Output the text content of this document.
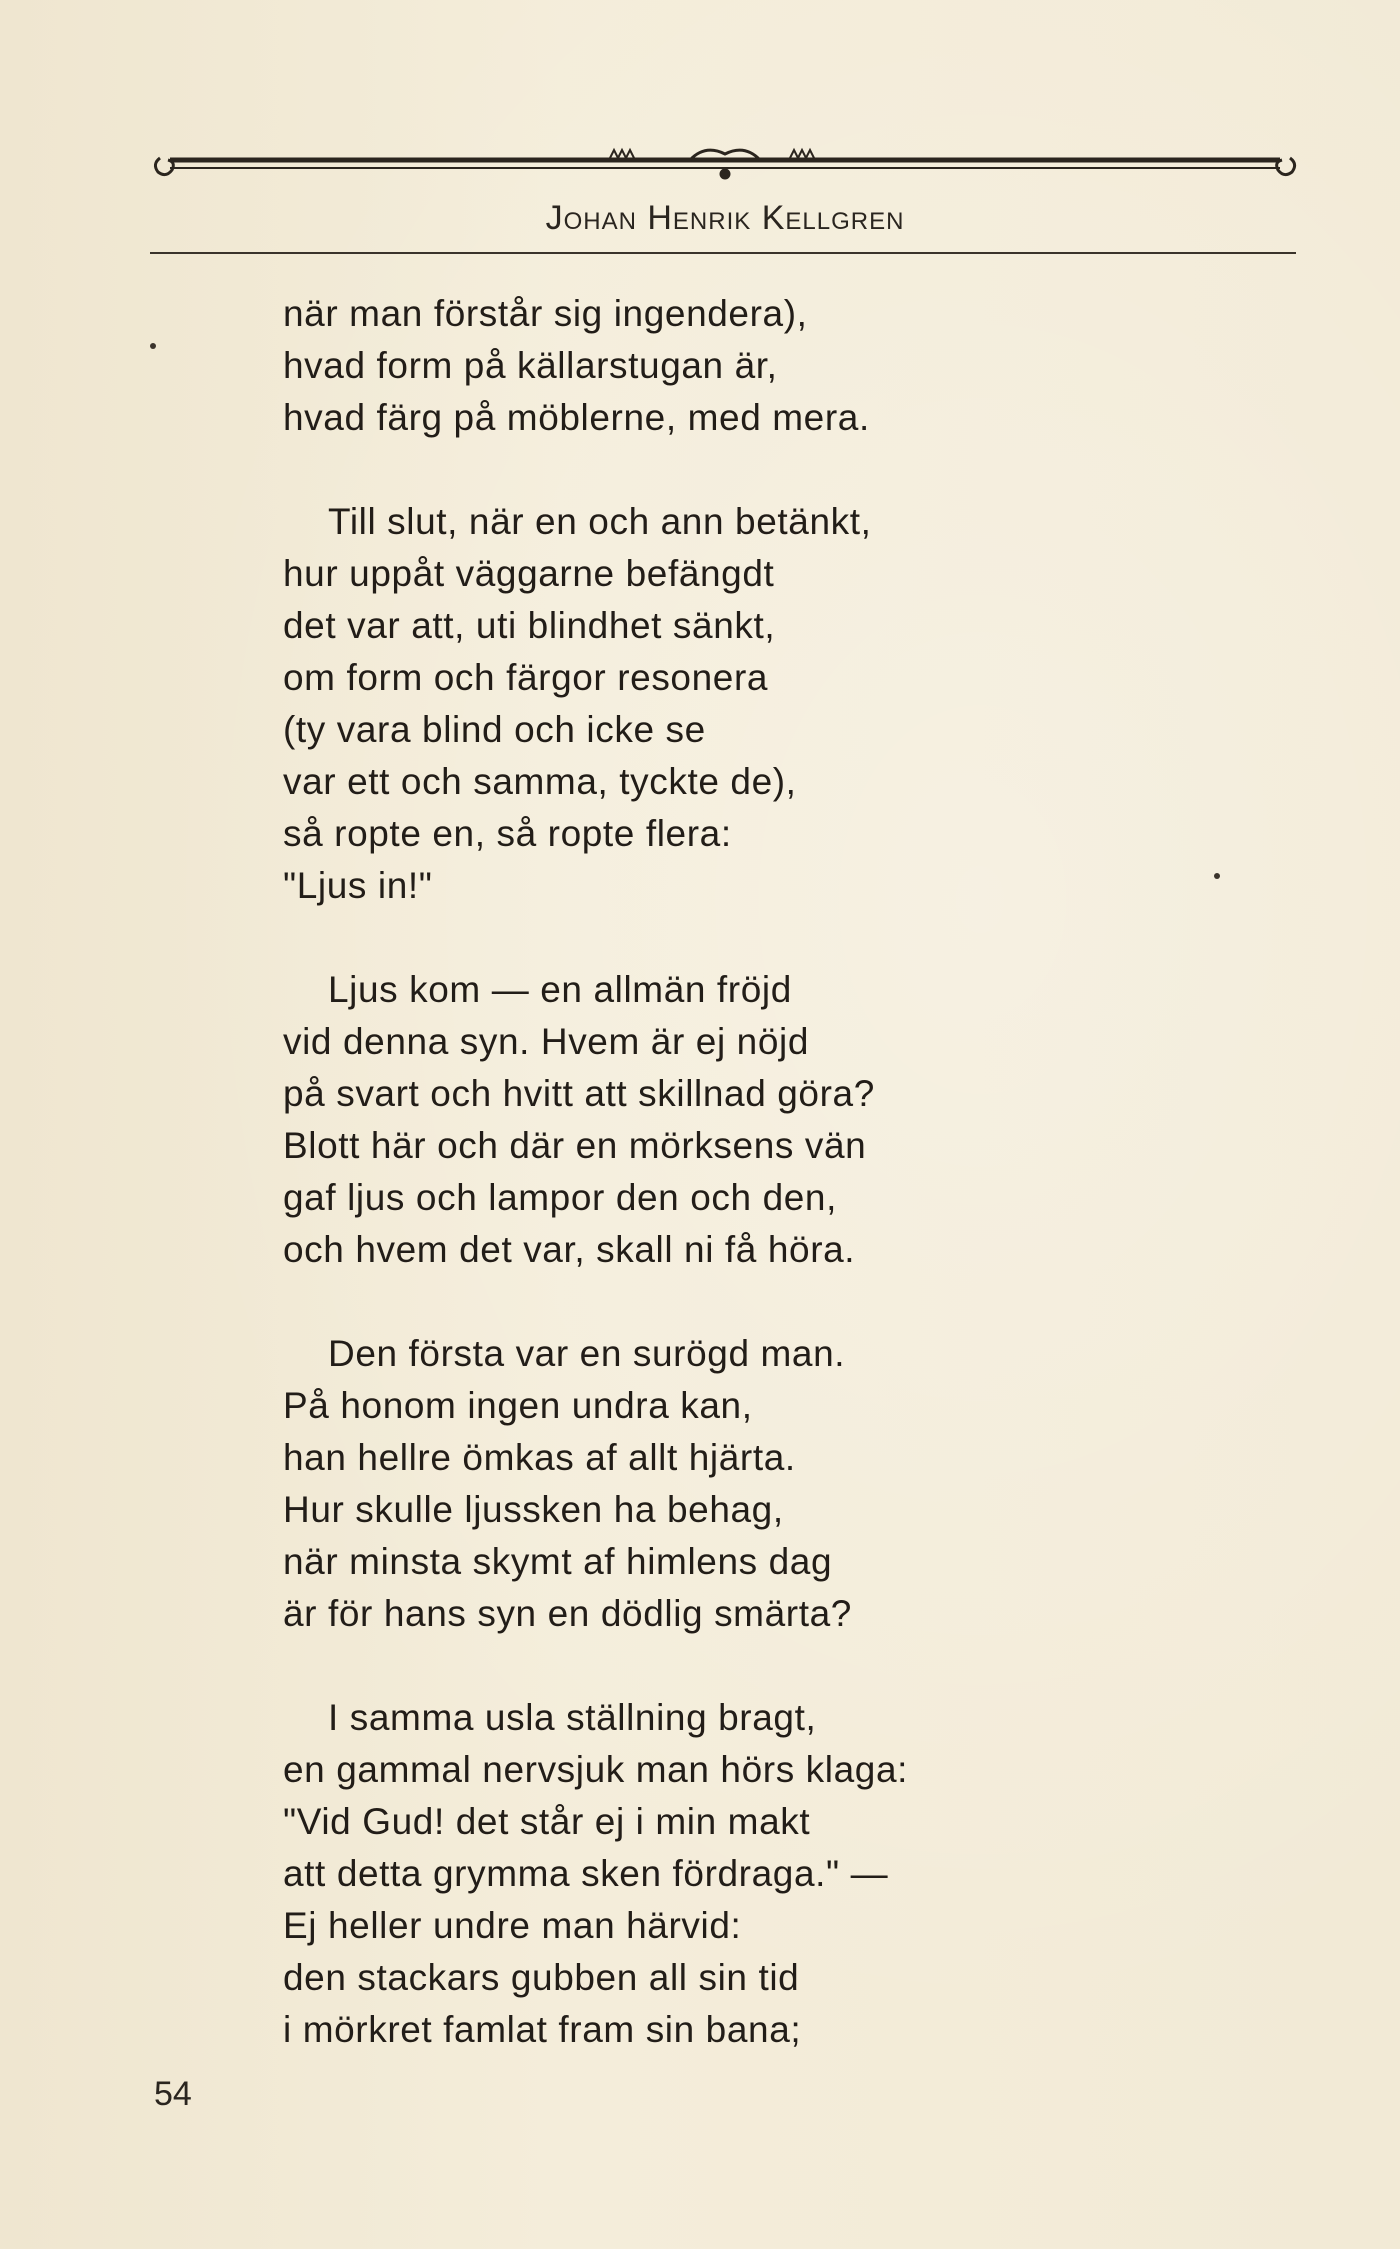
Johan Henrik Kellgren
när man förstår sig ingendera),
hvad form på källarstugan är,
hvad färg på möblerne, med mera.
Till slut, när en och ann betänkt,
hur uppåt väggarne befängdt
det var att, uti blindhet sänkt,
om form och färgor resonera
(ty vara blind och icke se
var ett och samma, tyckte de),
så ropte en, så ropte flera:
"Ljus in!"
Ljus kom — en allmän fröjd
vid denna syn. Hvem är ej nöjd
på svart och hvitt att skillnad göra?
Blott här och där en mörksens vän
gaf ljus och lampor den och den,
och hvem det var, skall ni få höra.
Den första var en surögd man.
På honom ingen undra kan,
han hellre ömkas af allt hjärta.
Hur skulle ljussken ha behag,
när minsta skymt af himlens dag
är för hans syn en dödlig smärta?
I samma usla ställning bragt,
en gammal nervsjuk man hörs klaga:
"Vid Gud! det står ej i min makt
att detta grymma sken fördraga." —
Ej heller undre man härvid:
den stackars gubben all sin tid
i mörkret famlat fram sin bana;
54
